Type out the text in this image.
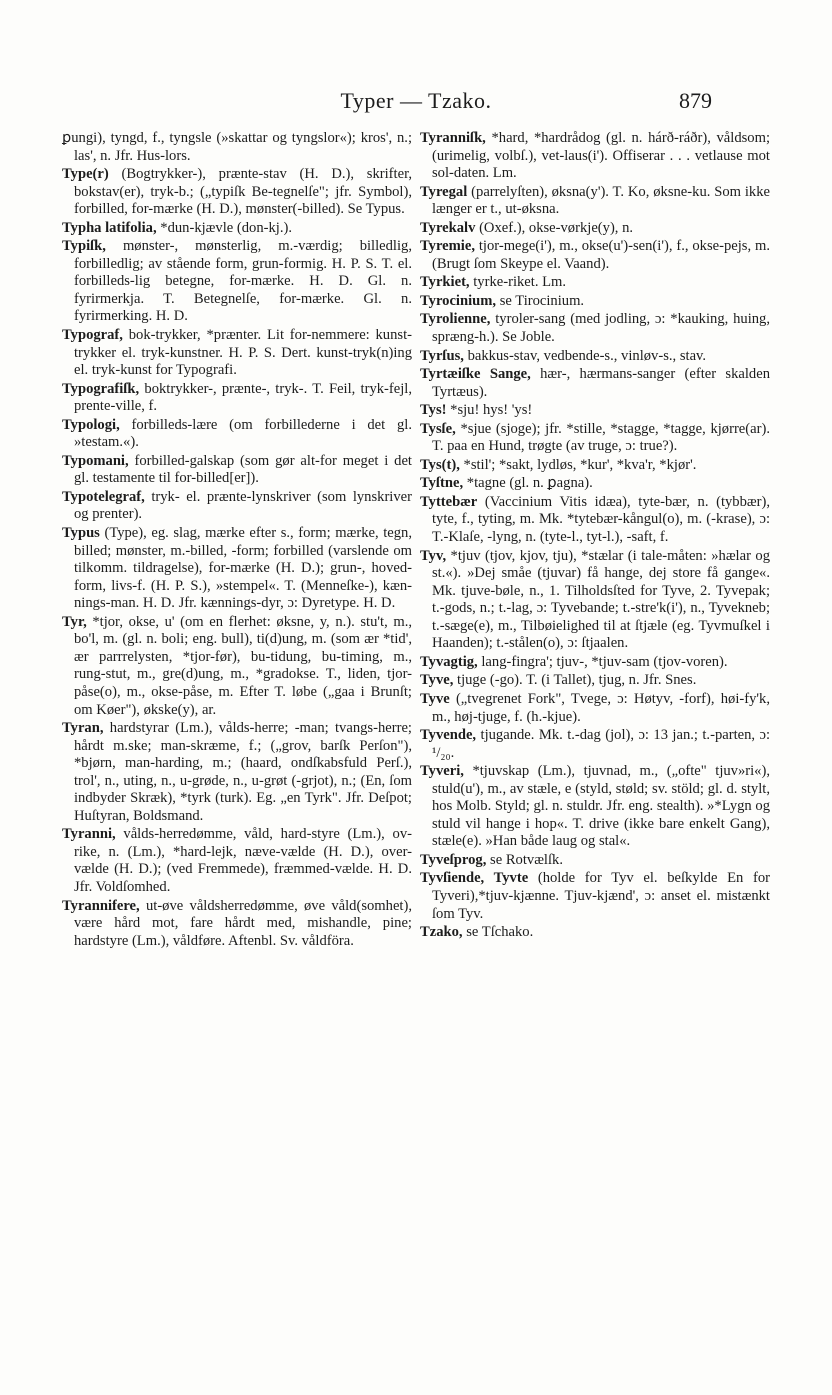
Typer — Tzako.	879
ꝑungi), tyngd, f., tyngsle (»skattar og tyngslor«); kros', n.; las', n. Jfr. Hus-lors.
Type(r) (Bogtrykker-), prænte-stav (H. D.), skrifter, bokstav(er), tryk-b.; („typiſk Be-tegnelſe"; jfr. Symbol), forbilled, for-mærke (H. D.), mønster(-billed). Se Typus.
Typha latifolia, *dun-kjævle (don-kj.).
Typiſk, mønster-, mønsterlig, m.-værdig; billedlig, forbilledlig; av stående form, grun-formig. H. P. S. T. el. forbilleds-lig betegne, for-mærke. H. D. Gl. n. fyrirmerkja. T. Betegnelſe, for-mærke. Gl. n. fyrirmerking. H. D.
Typograf, bok-trykker, *prænter. Lit for-nemmere: kunst-trykker el. tryk-kunstner. H. P. S. Dert. kunst-tryk(n)ing el. tryk-kunst for Typografi.
Typografiſk, boktrykker-, prænte-, tryk-. T. Feil, tryk-fejl, prente-ville, f.
Typologi, forbilleds-lære (om forbilledernе i det gl. »testam.«).
Typomani, forbilled-galskap (som gør alt-for meget i det gl. testamente til for-billed[er]).
Typotelegraf, tryk- el. prænte-lynskriver (som lynskriver og prenter).
Typus (Type), eg. slag, mærke efter s., form; mærke, tegn, billed; mønster, m.-billed, -form; forbilled (varslende om tilkomm. tildragelse), for-mærke (H. D.); grun-, hoved-form, livs-f. (H. P. S.), »stempel«. T. (Menneſke-), kæn-nings-man. H. D. Jfr. kænnings-dyr, ɔ: Dyretype. H. D.
Tyr, *tjor, okse, u' (om en flerhet: øksne, y, n.). stu't, m., bo'l, m. (gl. n. boli; eng. bull), ti(d)ung, m. (som ær *tid', ær parrrelysten, *tjor-før), bu-tidung, bu-timing, m., rung-stut, m., gre(d)ung, m., *gradokse. T., liden, tjor-påse(o), m., okse-påse, m. Efter T. løbe („gaa i Brunſt; om Køer"), økske(y), ar.
Tyran, hardstyrar (Lm.), vålds-herre; -man; tvangs-herre; hårdt m.ske; man-skræme, f.; („grov, barſk Perſon"), *bjørn, man-harding, m.; (haard, ondſkabsfuld Perſ.), trol', n., uting, n., u-grøde, n., u-grøt (-grjot), n.; (En, ſom indbyder Skræk), *tyrk (turk). Eg. „en Tyrk". Jfr. Deſpot; Huſtyran, Boldsmand.
Tyranni, vålds-herredømme, våld, hard-styre (Lm.), ov-rike, n. (Lm.), *hard-lejk, næve-vælde (H. D.), over-vælde (H. D.); (ved Fremmede), fræmmed-vælde. H. D. Jfr. Voldſomhed.
Tyrannifere, ut-øve våldsherredømme, øve våld(somhet), være hård mot, fare hårdt med, mishandle, pine; hardstyre (Lm.), våldføre. Aftenbl. Sv. våldföra.
Tyranniſk, *hard, *hardrådog (gl. n. hárð-ráðr), våldsom; (urimelig, volbſ.), vet-laus(i'). Offiserar . . . vetlause mot sol-daten. Lm.
Tyregal (parrelyſten), øksna(y'). T. Ko, øksne-ku. Som ikke længer er t., ut-øksna.
Tyrekalv (Oxef.), okse-vørkje(y), n.
Tyremie, tjor-mege(i'), m., okse(u')-sen(i'), f., okse-pejs, m. (Brugt ſom Skeype el. Vaand).
Tyrkiet, tyrke-riket. Lm.
Tyrocinium, se Tirocinium.
Tyrolienne, tyroler-sang (med jodling, ɔ: *kauking, huing, spræng-h.). Se Joble.
Tyrſus, bakkus-stav, vedbende-s., vinløv-s., stav.
Tyrtæiſke Sange, hær-, hærmans-sanger (efter skalden Tyrtæus).
Tys! *sju! hys! 'ys!
Tysſe, *sjue (sjoge); jfr. *stille, *stagge, *tagge, kjørre(ar). T. paa en Hund, trøgte (av truge, ɔ: true?).
Tys(t), *stil'; *sakt, lydløs, *kur', *kva'r, *kjør'.
Tyſtne, *tagne (gl. n. ꝑagna).
Tyttebær (Vaccinium Vitis idæa), tyte-bær, n. (tybbær), tyte, f., tyting, m. Mk. *tytebær-kångul(o), m. (-krase), ɔ: T.-Klaſe, -lyng, n. (tyte-l., tyt-l.), -saft, f.
Tyv, *tjuv (tjov, kjov, tju), *stælar (i tale-måten: »hælar og st.«). »Dej småe (tjuvar) få hange, dej store få gange«. Mk. tjuve-bøle, n., 1. Tilholdsſted for Tyve, 2. Tyvepak; t.-gods, n.; t.-lag, ɔ: Tyvebande; t.-stre'k(i'), n., Tyvekneb; t.-sæge(e), m., Tilbøielighed til at ſtjæle (eg. Tyvmuſkel i Haanden); t.-stålen(o), ɔ: ſtjaalen.
Tyvagtig, lang-fingra'; tjuv-, *tjuv-sam (tjov-voren).
Tyve, tjuge (-go). T. (i Tallet), tjug, n. Jfr. Snes.
Tyve („tvegrenet Fork", Tvege, ɔ: Høtyv, -forf), høi-fy'k, m., høj-tjuge, f. (h.-kjue).
Tyvende, tjugande. Mk. t.-dag (jol), ɔ: 13 jan.; t.-parten, ɔ: ¹/₂₀.
Tyveri, *tjuvskap (Lm.), tjuvnad, m., („ofte" tjuv»ri«), stuld(u'), m., av stæle, e (styld, støld; sv. stöld; gl. d. stylt, hos Molb. Styld; gl. n. stuldr. Jfr. eng. stealth). »*Lygn og stuld vil hange i hop«. T. drive (ikke bare enkelt Gang), stæle(e). »Han både laug og stal«.
Tyveſprog, se Rotvælſk.
Tyvſiende, Tyvte (holde for Tyv el. beſkylde En for Tyveri),*tjuv-kjænne. Tjuv-kjænd', ɔ: anset el. mistænkt ſom Tyv.
Tzako, se Tſchako.
